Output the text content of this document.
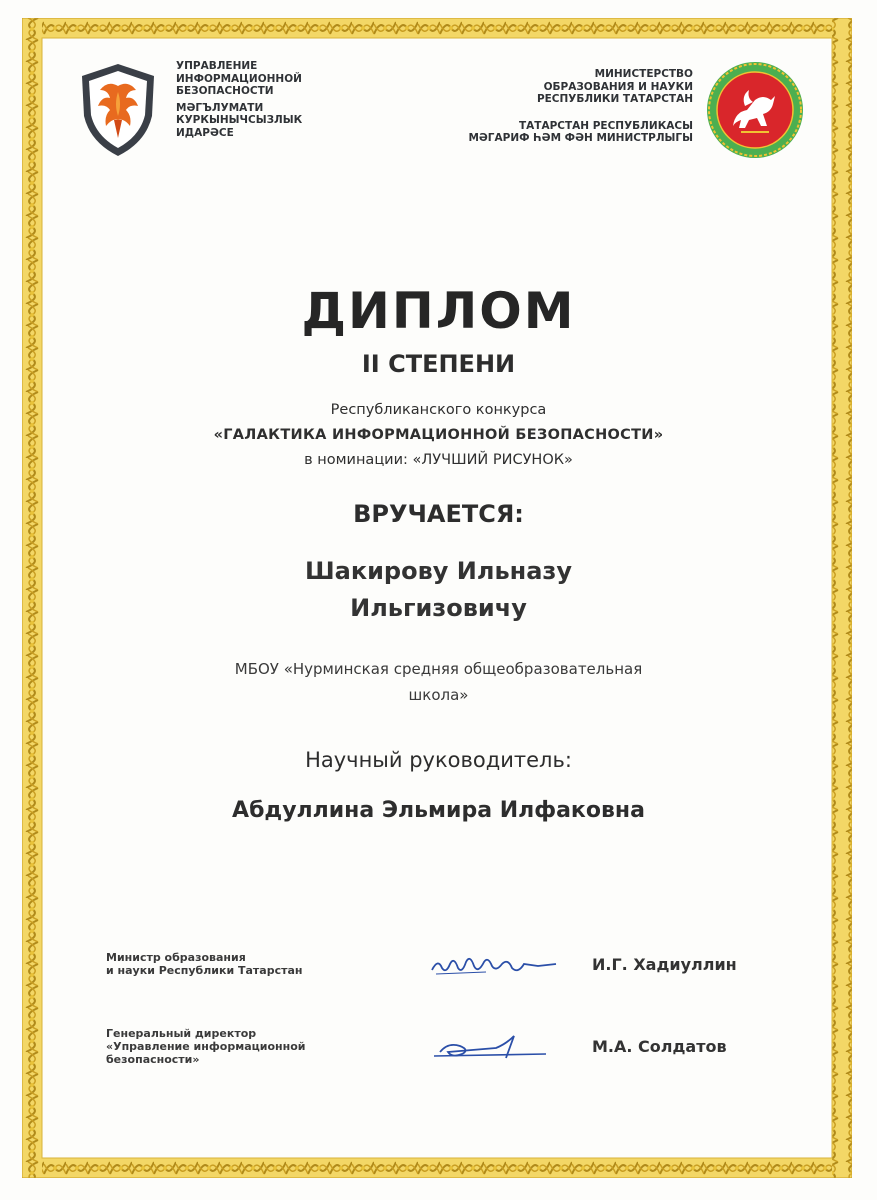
УПРАВЛЕНИЕ ИНФОРМАЦИОННОЙ БЕЗОПАСНОСТИ
МӘГЪЛУМАТИ КУРКЫНЫЧСЫЗЛЫК ИДАРӘСЕ
МИНИСТЕРСТВО ОБРАЗОВАНИЯ И НАУКИ РЕСПУБЛИКИ ТАТАРСТАН
ТАТАРСТАН РЕСПУБЛИКАСЫ МӘГАРИФ ҺӘМ ФӘН МИНИСТРЛЫГЫ
ДИПЛОМ
II СТЕПЕНИ
Республиканского конкурса
«ГАЛАКТИКА ИНФОРМАЦИОННОЙ БЕЗОПАСНОСТИ»
в номинации: «ЛУЧШИЙ РИСУНОК»
ВРУЧАЕТСЯ:
Шакирову Ильназу
Ильгизовичу
МБОУ «Нурминская средняя общеобразовательная
школа»
Научный руководитель:
Абдуллина Эльмира Илфаковна
Министр образования
и науки Республики Татарстан	И.Г. Хадиуллин
Генеральный директор
«Управление информационной
безопасности»
М.А. Солдатов
